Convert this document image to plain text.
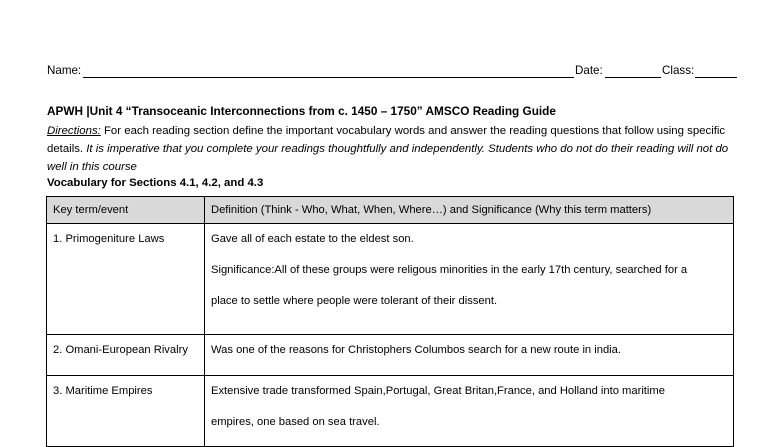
Name:	Date:	Class:
APWH |Unit 4 “Transoceanic Interconnections from c. 1450 – 1750” AMSCO Reading Guide
Directions: For each reading section define the important vocabulary words and answer the reading questions that follow using specific details. It is imperative that you complete your readings thoughtfully and independently. Students who do not do their reading will not do well in this course
Vocabulary for Sections 4.1, 4.2, and 4.3
Key term/event	Definition (Think - Who, What, When, Where…) and Significance (Why this term matters)

1. Primogeniture Laws	Gave all of each estate to the eldest son.
Significance:All of these groups were religous minorities in the early 17th century, searched for a
place to settle where people were tolerant of their dissent.

2. Omani-European Rivalry	Was one of the reasons for Christophers Columbos search for a new route in india.

3. Maritime Empires	Extensive trade transformed Spain,Portugal, Great Britan,France, and Holland into maritime
empires, one based on sea travel.
